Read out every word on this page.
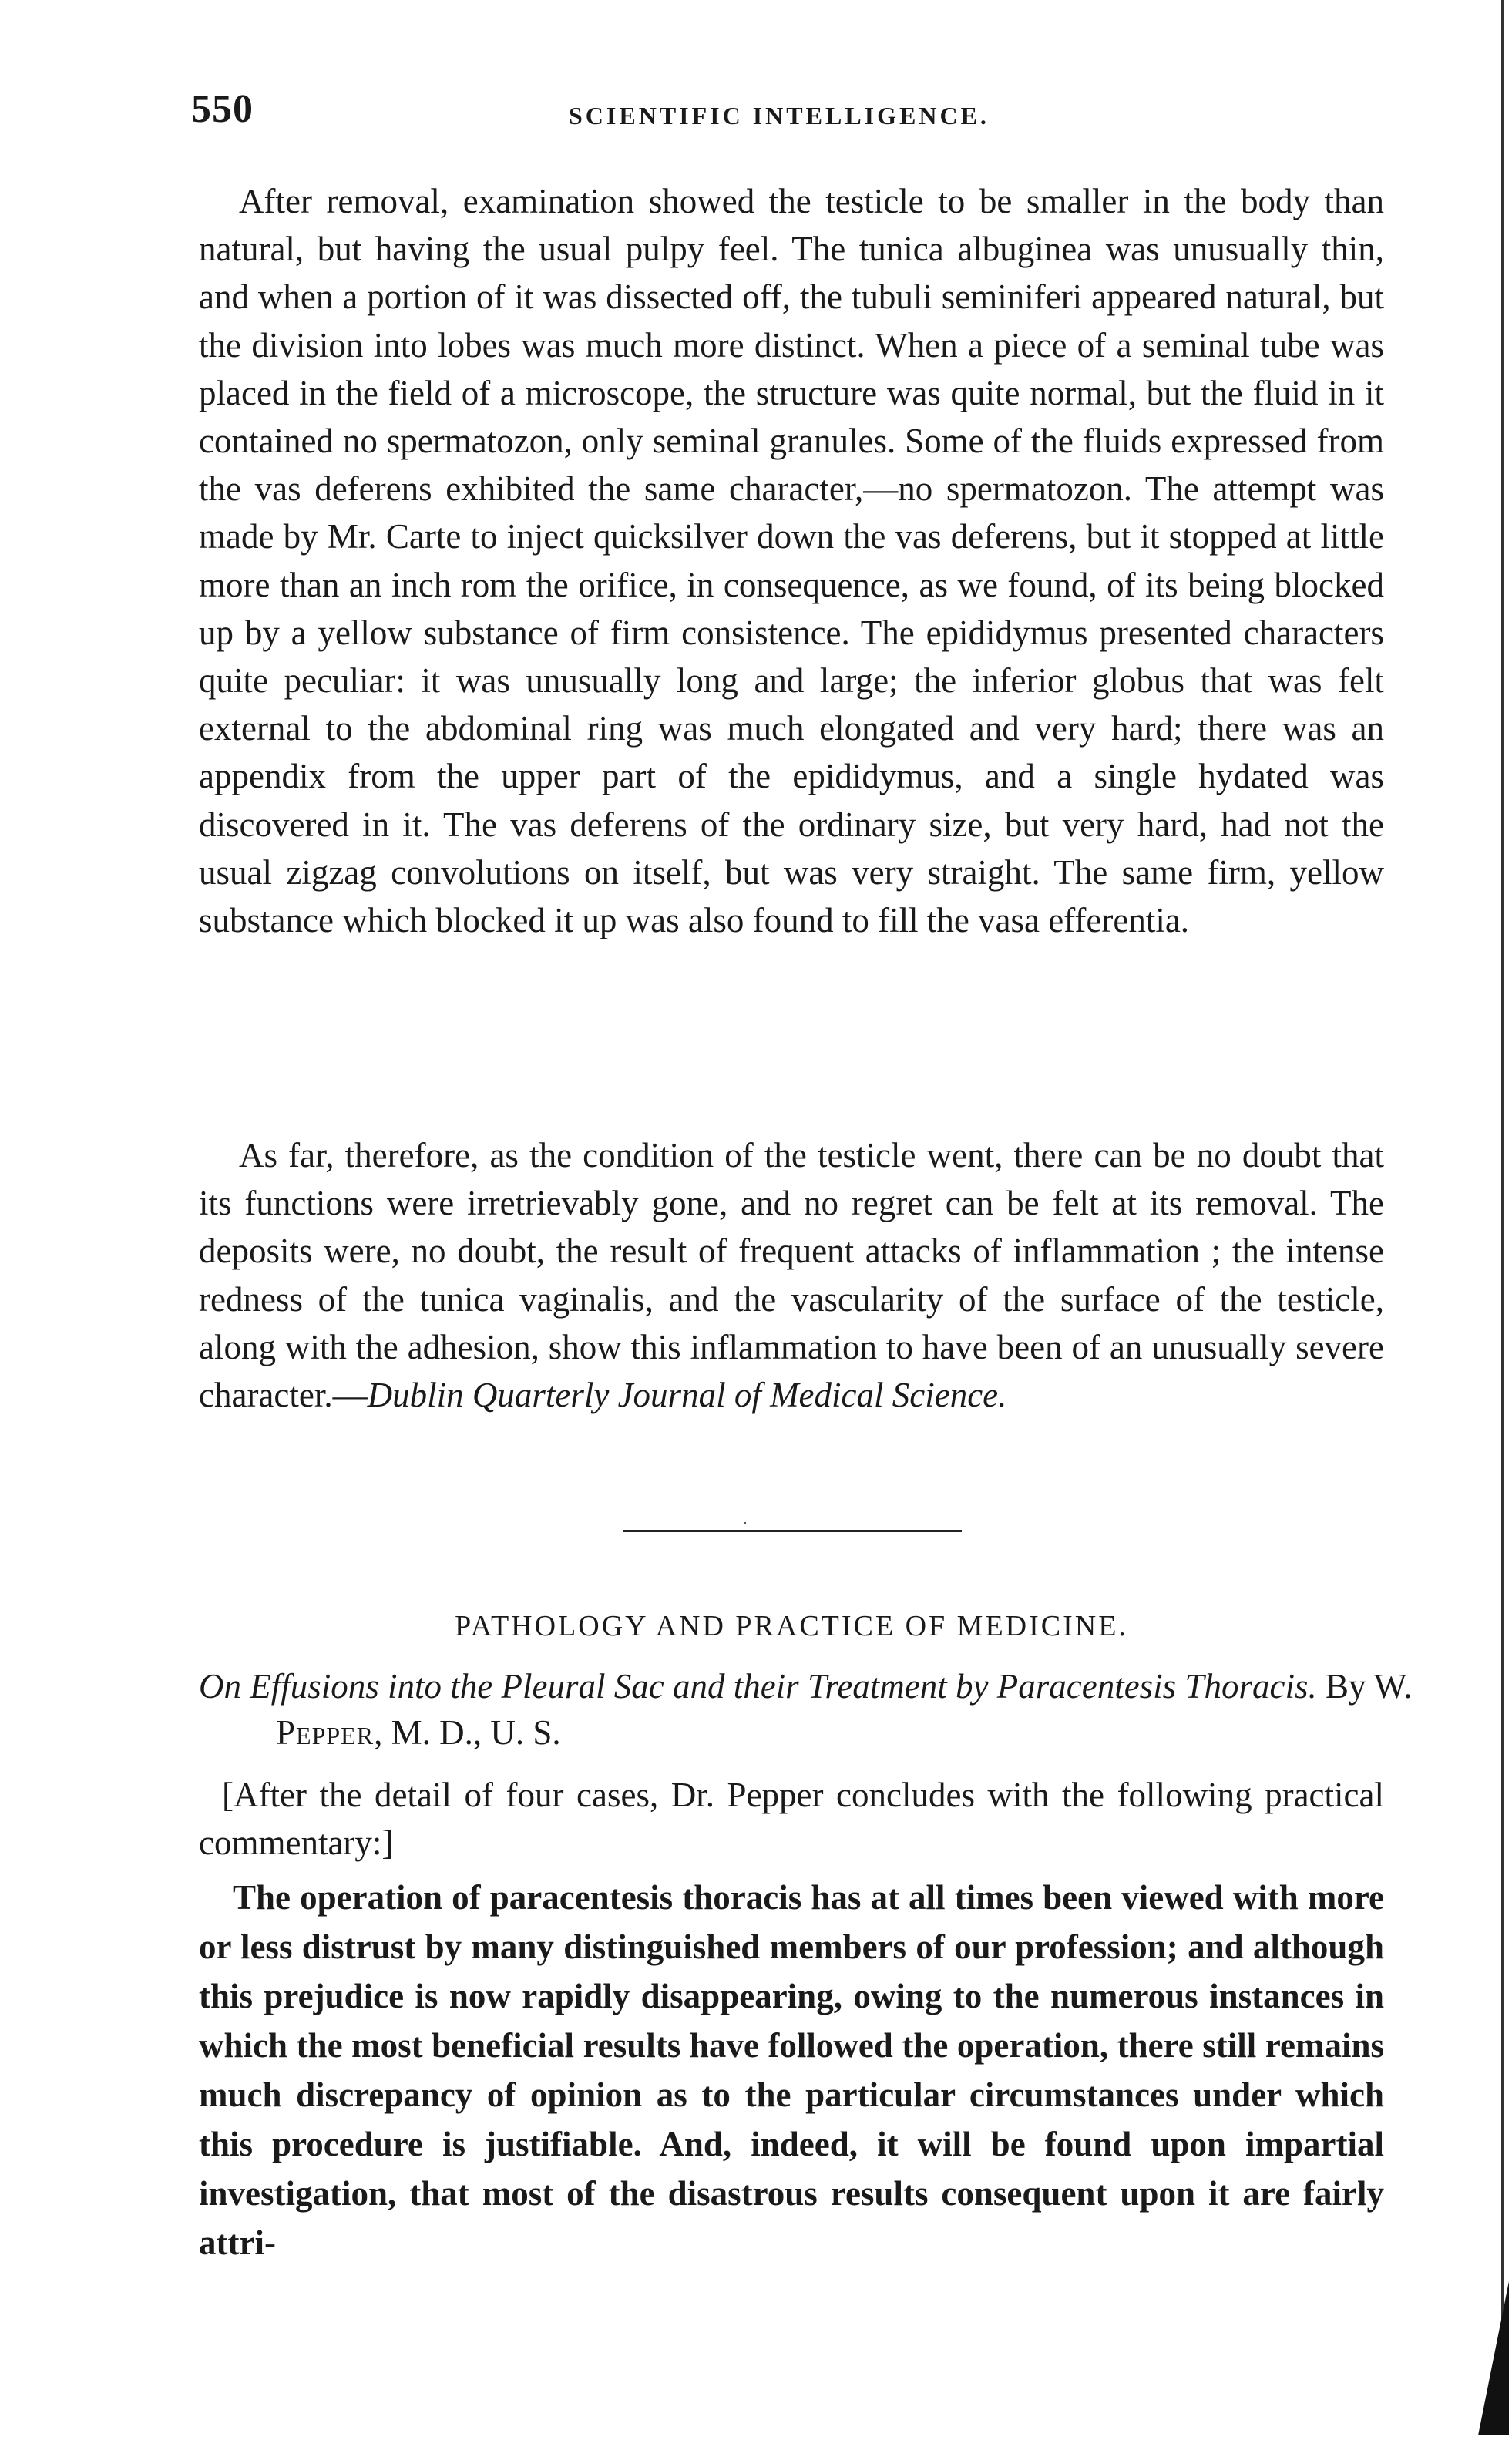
550	SCIENTIFIC INTELLIGENCE.

After removal, examination showed the testicle to be smaller in the body than natural, but having the usual pulpy feel. The tunica albuginea was unusually thin, and when a portion of it was dissected off, the tubuli seminiferi appeared natural, but the division into lobes was much more distinct. When a piece of a seminal tube was placed in the field of a microscope, the structure was quite normal, but the fluid in it contained no spermatozon, only seminal granules. Some of the fluids expressed from the vas deferens exhibited the same character,—no spermatozon. The attempt was made by Mr. Carte to inject quicksilver down the vas deferens, but it stopped at little more than an inch rom the orifice, in consequence, as we found, of its being blocked up by a yellow substance of firm consistence. The epididymus presented characters quite peculiar: it was unusually long and large; the inferior globus that was felt external to the abdominal ring was much elongated and very hard; there was an appendix from the upper part of the epididymus, and a single hydated was discovered in it. The vas deferens of the ordinary size, but very hard, had not the usual zigzag convolutions on itself, but was very straight. The same firm, yellow substance which blocked it up was also found to fill the vasa efferentia.

As far, therefore, as the condition of the testicle went, there can be no doubt that its functions were irretrievably gone, and no regret can be felt at its removal. The deposits were, no doubt, the result of frequent attacks of inflammation ; the intense redness of the tunica vaginalis, and the vascularity of the surface of the testicle, along with the adhesion, show this inflammation to have been of an unusually severe character.—Dublin Quarterly Journal of Medical Science.

PATHOLOGY AND PRACTICE OF MEDICINE.

On Effusions into the Pleural Sac and their Treatment by Paracentesis Thoracis. By W. Pepper, M. D., U. S.

[After the detail of four cases, Dr. Pepper concludes with the following practical commentary:]

The operation of paracentesis thoracis has at all times been viewed with more or less distrust by many distinguished members of our profession; and although this prejudice is now rapidly disappearing, owing to the numerous instances in which the most beneficial results have followed the operation, there still remains much discrepancy of opinion as to the particular circumstances under which this procedure is justifiable. And, indeed, it will be found upon impartial investigation, that most of the disastrous results consequent upon it are fairly attri-
